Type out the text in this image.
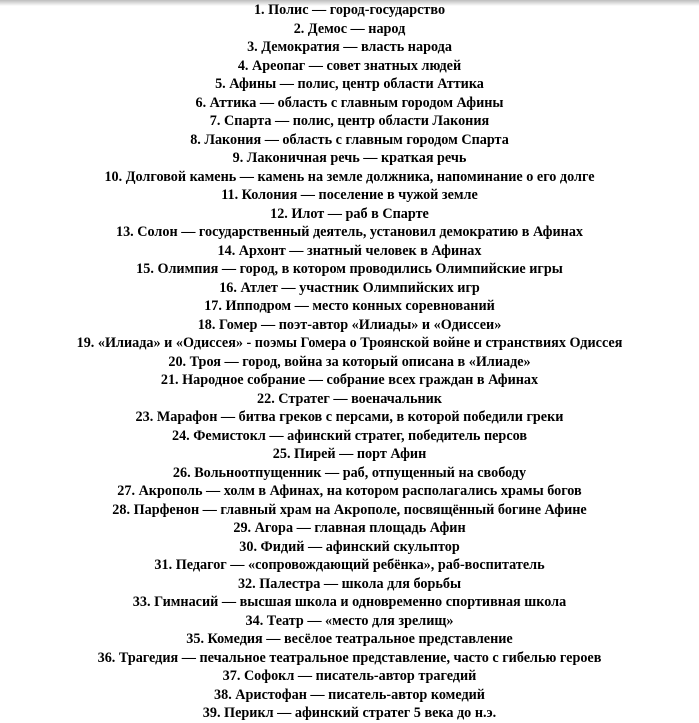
1. Полис — город-государство
2. Демос — народ
3. Демократия — власть народа
4. Ареопаг — совет знатных людей
5. Афины — полис, центр области Аттика
6. Аттика — область с главным городом Афины
7. Спарта — полис, центр области Лакония
8. Лакония — область с главным городом Спарта
9. Лаконичная речь — краткая речь
10. Долговой камень — камень на земле должника, напоминание о его долге
11. Колония — поселение в чужой земле
12. Илот — раб в Спарте
13. Солон — государственный деятель, установил демократию в Афинах
14. Архонт — знатный человек в Афинах
15. Олимпия — город, в котором проводились Олимпийские игры
16. Атлет — участник Олимпийских игр
17. Ипподром — место конных соревнований
18. Гомер — поэт-автор «Илиады» и «Одиссеи»
19. «Илиада» и «Одиссея» - поэмы Гомера о Троянской войне и странствиях Одиссея
20. Троя — город, война за который описана в «Илиаде»
21. Народное собрание — собрание всех граждан в Афинах
22. Стратег — военачальник
23. Марафон — битва греков с персами, в которой победили греки
24. Фемистокл — афинский стратег, победитель персов
25. Пирей — порт Афин
26. Вольноотпущенник — раб, отпущенный на свободу
27. Акрополь — холм в Афинах, на котором располагались храмы богов
28. Парфенон — главный храм на Акрополе, посвящённый богине Афине
29. Агора — главная площадь Афин
30. Фидий — афинский скульптор
31. Педагог — «сопровождающий ребёнка», раб-воспитатель
32. Палестра — школа для борьбы
33. Гимнасий — высшая школа и одновременно спортивная школа
34. Театр — «место для зрелищ»
35. Комедия — весёлое театральное представление
36. Трагедия — печальное театральное представление, часто с гибелью героев
37. Софокл — писатель-автор трагедий
38. Аристофан — писатель-автор комедий
39. Перикл — афинский стратег 5 века до н.э.
